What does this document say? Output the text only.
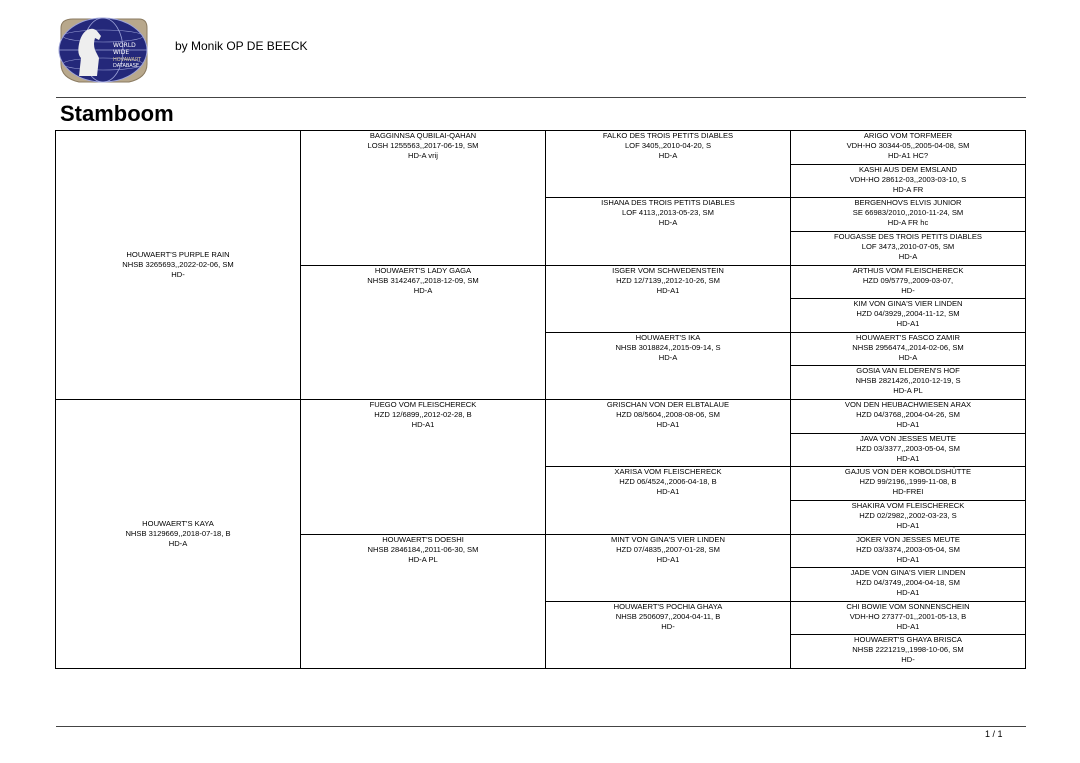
WORLD
WIDE
HOVAWART
DATABASE
by Monik OP DE BEECK
Stamboom
HOUWAERT'S PURPLE RAIN
NHSB 3265693,,2022-02-06, SM
HD-	BAGGINNSA QUBILAI-QAHAN
LOSH 1255563,,2017-06-19, SM
HD-A vrij	FALKO DES TROIS PETITS DIABLES
LOF 3405,,2010-04-20, S
HD-A	ARIGO VOM TORFMEER
VDH-HO 30344-05,,2005-04-08, SM
HD-A1 HC?

			KASHI AUS DEM EMSLAND
VDH-HO 28612-03,,2003-03-10, S
HD-A FR

		ISHANA DES TROIS PETITS DIABLES
LOF 4113,,2013-05-23, SM
HD-A	BERGENHOVS ELVIS JUNIOR
SE 66983/2010,,2010-11-24, SM
HD-A FR hc

			FOUGASSE DES TROIS PETITS DIABLES
LOF 3473,,2010-07-05, SM
HD-A

	HOUWAERT'S LADY GAGA
NHSB 3142467,,2018-12-09, SM
HD-A	ISGER VOM SCHWEDENSTEIN
HZD 12/7139,,2012-10-26, SM
HD-A1	ARTHUS VOM FLEISCHERECK
HZD 09/5779,,2009-03-07,
HD-

			KIM VON GINA'S VIER LINDEN
HZD 04/3929,,2004-11-12, SM
HD-A1

		HOUWAERT'S IKA
NHSB 3018824,,2015-09-14, S
HD-A	HOUWAERT'S FASCO ZAMIR
NHSB 2956474,,2014-02-06, SM
HD-A

			GOSIA VAN ELDEREN'S HOF
NHSB 2821426,,2010-12-19, S
HD-A PL

HOUWAERT'S KAYA
NHSB 3129669,,2018-07-18, B
HD-A	FUEGO VOM FLEISCHERECK
HZD 12/6899,,2012-02-28, B
HD-A1	GRISCHAN VON DER ELBTALAUE
HZD 08/5604,,2008-08-06, SM
HD-A1	VON DEN HEUBACHWIESEN ARAX
HZD 04/3768,,2004-04-26, SM
HD-A1

			JAVA VON JESSES MEUTE
HZD 03/3377,,2003-05-04, SM
HD-A1

		XARISA VOM FLEISCHERECK
HZD 06/4524,,2006-04-18, B
HD-A1	GAJUS VON DER KOBOLDSHÜTTE
HZD 99/2196,,1999-11-08, B
HD-FREI

			SHAKIRA VOM FLEISCHERECK
HZD 02/2982,,2002-03-23, S
HD-A1

	HOUWAERT'S DOESHI
NHSB 2846184,,2011-06-30, SM
HD-A PL	MINT VON GINA'S VIER LINDEN
HZD 07/4835,,2007-01-28, SM
HD-A1	JOKER VON JESSES MEUTE
HZD 03/3374,,2003-05-04, SM
HD-A1

			JADE VON GINA'S VIER LINDEN
HZD 04/3749,,2004-04-18, SM
HD-A1

		HOUWAERT'S POCHIA GHAYA
NHSB 2506097,,2004-04-11, B
HD-	CHI BOWIE VOM SONNENSCHEIN
VDH-HO 27377-01,,2001-05-13, B
HD-A1

			HOUWAERT'S GHAYA BRISCA
NHSB 2221219,,1998-10-06, SM
HD-
1 / 1
